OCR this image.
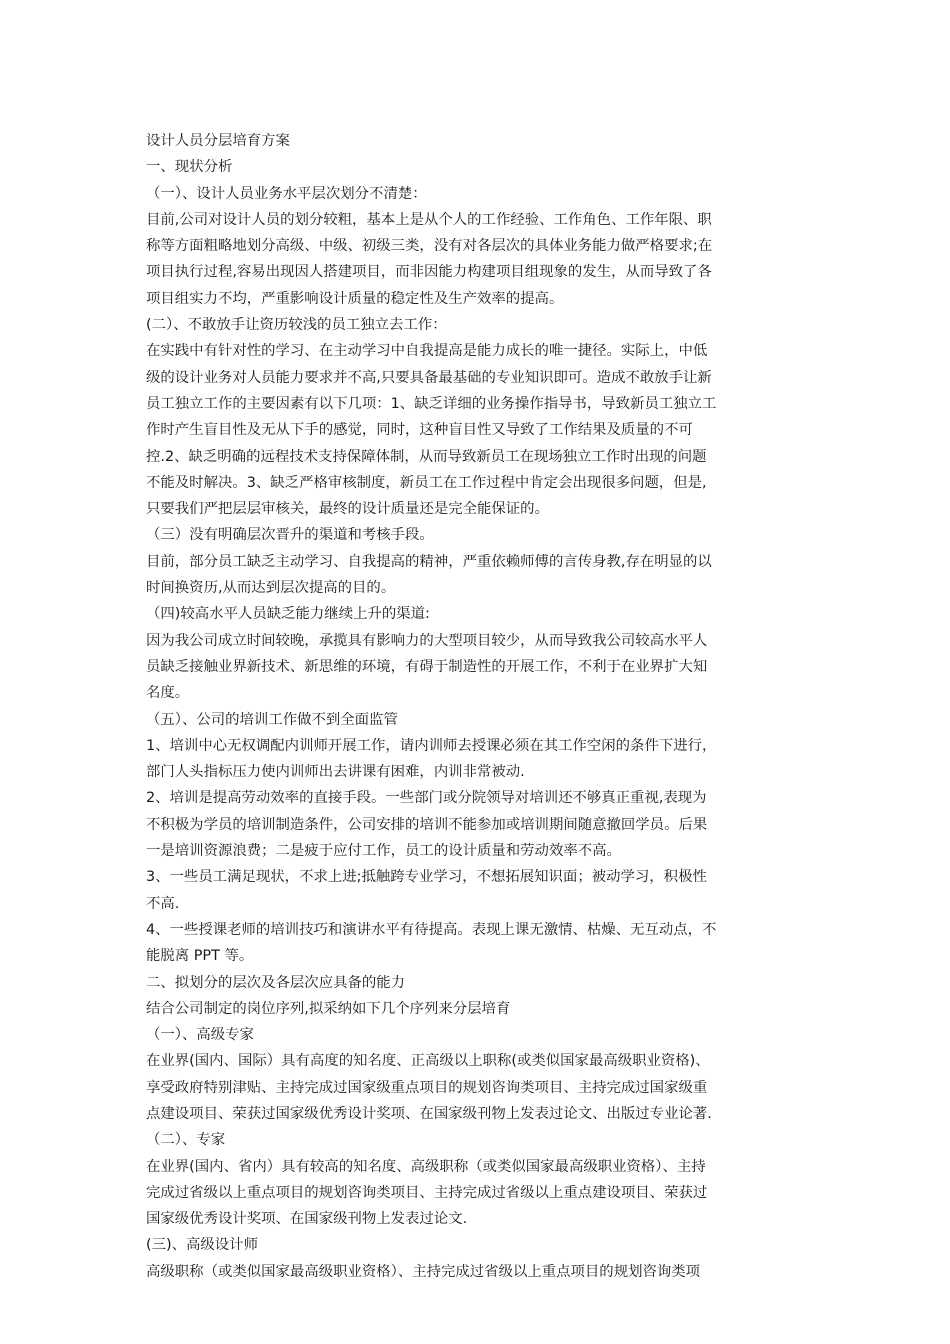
设计人员分层培育方案
一、现状分析
（一）、设计人员业务水平层次划分不清楚：
目前,公司对设计人员的划分较粗，基本上是从个人的工作经验、工作角色、工作年限、职
称等方面粗略地划分高级、中级、初级三类，没有对各层次的具体业务能力做严格要求;在
项目执行过程,容易出现因人搭建项目，而非因能力构建项目组现象的发生，从而导致了各
项目组实力不均，严重影响设计质量的稳定性及生产效率的提高。
(二）、不敢放手让资历较浅的员工独立去工作：
在实践中有针对性的学习、在主动学习中自我提高是能力成长的唯一捷径。实际上，中低
级的设计业务对人员能力要求并不高,只要具备最基础的专业知识即可。造成不敢放手让新
员工独立工作的主要因素有以下几项：1、缺乏详细的业务操作指导书，导致新员工独立工
作时产生盲目性及无从下手的感觉，同时，这种盲目性又导致了工作结果及质量的不可
控.2、缺乏明确的远程技术支持保障体制，从而导致新员工在现场独立工作时出现的问题
不能及时解决。3、缺乏严格审核制度，新员工在工作过程中肯定会出现很多问题，但是,
只要我们严把层层审核关，最终的设计质量还是完全能保证的。
（三）没有明确层次晋升的渠道和考核手段。
目前，部分员工缺乏主动学习、自我提高的精神，严重依赖师傅的言传身教,存在明显的以
时间换资历,从而达到层次提高的目的。
（四)较高水平人员缺乏能力继续上升的渠道:
因为我公司成立时间较晚，承揽具有影响力的大型项目较少，从而导致我公司较高水平人
员缺乏接触业界新技术、新思维的环境，有碍于制造性的开展工作，不利于在业界扩大知
名度。
（五）、公司的培训工作做不到全面监管
1、培训中心无权调配内训师开展工作，请内训师去授课必须在其工作空闲的条件下进行，
部门人头指标压力使内训师出去讲课有困难，内训非常被动.
2、培训是提高劳动效率的直接手段。一些部门或分院领导对培训还不够真正重视,表现为
不积极为学员的培训制造条件，公司安排的培训不能参加或培训期间随意撤回学员。后果
一是培训资源浪费；二是疲于应付工作，员工的设计质量和劳动效率不高。
3、一些员工满足现状，不求上进;抵触跨专业学习，不想拓展知识面；被动学习，积极性
不高.
4、一些授课老师的培训技巧和演讲水平有待提高。表现上课无激情、枯燥、无互动点，不
能脱离 PPT 等。
二、拟划分的层次及各层次应具备的能力
结合公司制定的岗位序列,拟采纳如下几个序列来分层培育
（一）、高级专家
在业界(国内、国际）具有高度的知名度、正高级以上职称(或类似国家最高级职业资格)、
享受政府特别津贴、主持完成过国家级重点项目的规划咨询类项目、主持完成过国家级重
点建设项目、荣获过国家级优秀设计奖项、在国家级刊物上发表过论文、出版过专业论著.
（二）、专家
在业界(国内、省内）具有较高的知名度、高级职称（或类似国家最高级职业资格）、主持
完成过省级以上重点项目的规划咨询类项目、主持完成过省级以上重点建设项目、荣获过
国家级优秀设计奖项、在国家级刊物上发表过论文.
(三)、高级设计师
高级职称（或类似国家最高级职业资格）、主持完成过省级以上重点项目的规划咨询类项
